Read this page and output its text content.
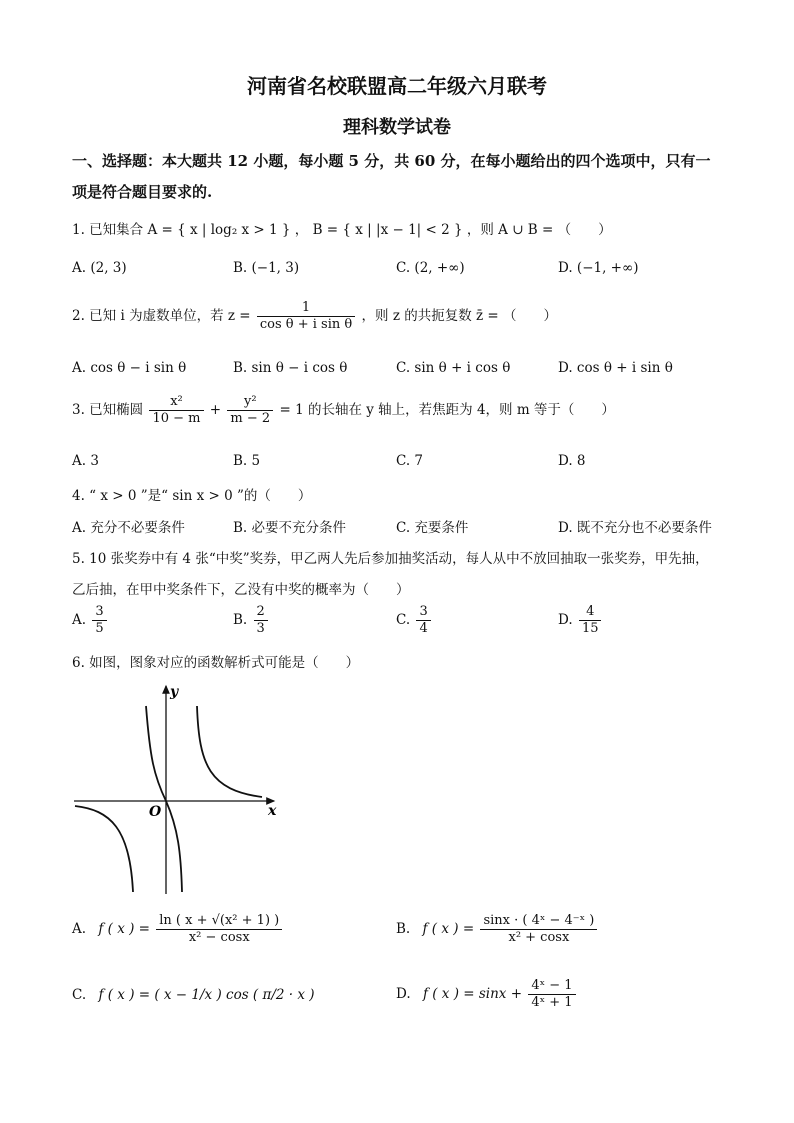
河南省名校联盟高二年级六月联考
理科数学试卷
一、选择题：本大题共 12 小题，每小题 5 分，共 60 分，在每小题给出的四个选项中，只有一
项是符合题目要求的.
1. 已知集合 A = { x | log₂ x > 1 } ， B = { x | |x − 1| < 2 } ，则 A ∪ B = （　　）
A. (2, 3)	B. (−1, 3)	C. (2, +∞)	D. (−1, +∞)
2. 已知 i 为虚数单位，若 $z = \frac{1}{\text{cos θ + i sin θ}}$ ，则 z 的共扼复数 z̄ = （　　）
A. cos θ − i sin θ	B. sin θ − i cos θ	C. sin θ + i cos θ	D. cos θ + i sin θ
3. 已知椭圆 $\frac{\text{x²}}{10 - m} + \frac{\text{y²}}{m - 2} = 1$ 的长轴在 y 轴上，若焦距为 4，则 m 等于（　　）
A. 3	B. 5	C. 7	D. 8
4. “ x > 0 ”是“ sin x > 0 ”的（　　）
A. 充分不必要条件	B. 必要不充分条件	C. 充要条件	D. 既不充分也不必要条件
5. 10 张奖券中有 4 张“中奖”奖券，甲乙两人先后参加抽奖活动，每人从中不放回抽取一张奖券，甲先抽，
乙后抽，在甲中奖条件下，乙没有中奖的概率为（　　）
A. $\frac{3}{5}$	B. $\frac{2}{3}$	C. $\frac{3}{4}$	D. $\frac{4}{15}$
6. 如图，图象对应的函数解析式可能是（　　）
y
x
O
A. f ( x ) = $\frac{\text{ln ( x + √(x² + 1) )}}{\text{x² − cosx}}$	B. f ( x ) = $\frac{\text{sinx · ( 4ˣ − 4⁻ˣ )}}{\text{x² + cosx}}$
C. f ( x ) = ( x − 1/x ) cos ( π/2 · x )	D. f ( x ) = $\sin x + \frac{\text{4ˣ − 1}}{\text{4ˣ + 1}}$
